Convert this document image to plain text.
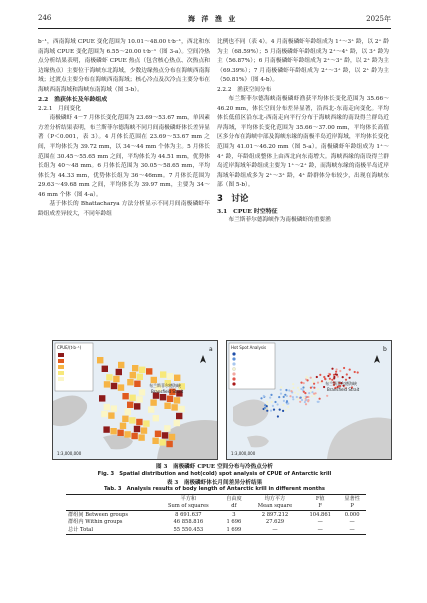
246	海 洋 渔 业	2025年

b⁻¹，西南海域 CPUE 变化范围为 10.01～48.00 t·b⁻¹，西北和东南海域 CPUE 变化范围为 6.55～20.00 t·b⁻¹（图 3-a）。空间冷热点分析结果表明，南极磷虾 CPUE 热点（包含核心热点、次热点和边缘热点）主要位于海峡东北海域，少数边缘热点分布在海峡西南海域；过渡点主要分布在海峡西南海域；核心冷点及次冷点主要分布在海峡西南海域和海峡东南海域（图 3-b）。

2.2　渔获体长及年龄组成
2.2.1　月间变化

南极磷虾 4－7 月体长变化范围为 23.69～53.67 mm，单因素方差分析结果表明，布兰斯菲尔德海峡不同月间南极磷虾体长差异显著（P＜0.001，表 3）。4 月体长范围在 23.69～53.67 mm 之间，平均体长为 39.72 mm，以 34～44 mm 个体为主。5 月体长范围在 30.45～55.65 mm 之间，平均体长为 44.51 mm，优势体长组为 40～48 mm。6 月体长范围为 30.05～58.65 mm，平均体长为 44.33 mm，优势体长组为 36～46mm。7 月体长范围为 29.63～49.68 mm 之间，平均体长为 39.97 mm，主要为 34～46 mm 个体（图 4-a）。

基于体长的 Bhattacharya 方法分析显示不同月间南极磷虾年龄组成差异较大，不同年龄组

比例也不同（表 4）。4 月南极磷虾年龄组成为 1⁺～3⁺ 龄，以 2⁺ 龄为主（68.59%）；5 月南极磷虾年龄组成为 2⁺～4⁺ 龄，以 3⁺ 龄为主（56.87%）；6 月南极磷虾年龄组成为 2⁺～3⁺ 龄，以 2⁺ 龄为主（69.39%）；7 月南极磷虾年龄组成为 2⁺～3⁺ 龄，以 2⁺ 龄为主（50.81%）（图 4-b）。

2.2.2　渔获空间分布

布兰斯菲尔德海峡南极磷虾渔获平均体长变化范围为 35.66～46.20 mm，体长空间分布差异显著，沿西北-东南走向变化。平均体长低值区沿东北-西南走向平行分布于海峡西缘的南设得兰群岛近岸海域，平均体长变化范围为 35.66～37.00 mm，平均体长高值区多分布在海峡中部及海峡东缘的南极半岛近岸海域，平均体长变化范围为 41.01～46.20 mm（图 5-a）。南极磷虾年龄组成为 1⁺～4⁺ 龄，年龄组成整体上由西北向东南增大。海峡西缘的南设得兰群岛近岸海域年龄组成主要为 1⁺～2⁺ 龄，而海峡东缘的南极半岛近岸海域年龄组成多为 2⁺～3⁺ 龄，4⁺ 龄群体分布较少，出现在海峡东部（图 5-b）。

3　讨论
3.1　CPUE 时空特征

布兰斯菲尔德海峡作为南极磷虾的重要渔

CPUE/(t·b⁻¹)
布兰斯菲尔德海峡
Bransfield Strait
1:3,000,000
a	Hot Spot Analysis
布兰斯菲尔德海峡
Bransfield Strait
1:3,000,000
b
图 3　南极磷虾 CPUE 空间分布与冷热点分析
Fig. 3　Spatial distribution and hot(cold) spot analysis of CPUE of Antarctic krill
表 3　南极磷虾体长月间差异分析结果
Tab. 3　Analysis results of body length of Antarctic krill in different months
	平方和	自由度	均方平方	F值	显著性
	Sum of squares	df	Mean square	F	P
群组间 Between groups	8 691.637	3	2 897.212	104.861	0.000
群组内 Within groups	46 858.816	1 696	27.629	—	—
总计 Total	55 550.453	1 699	—	—	—
